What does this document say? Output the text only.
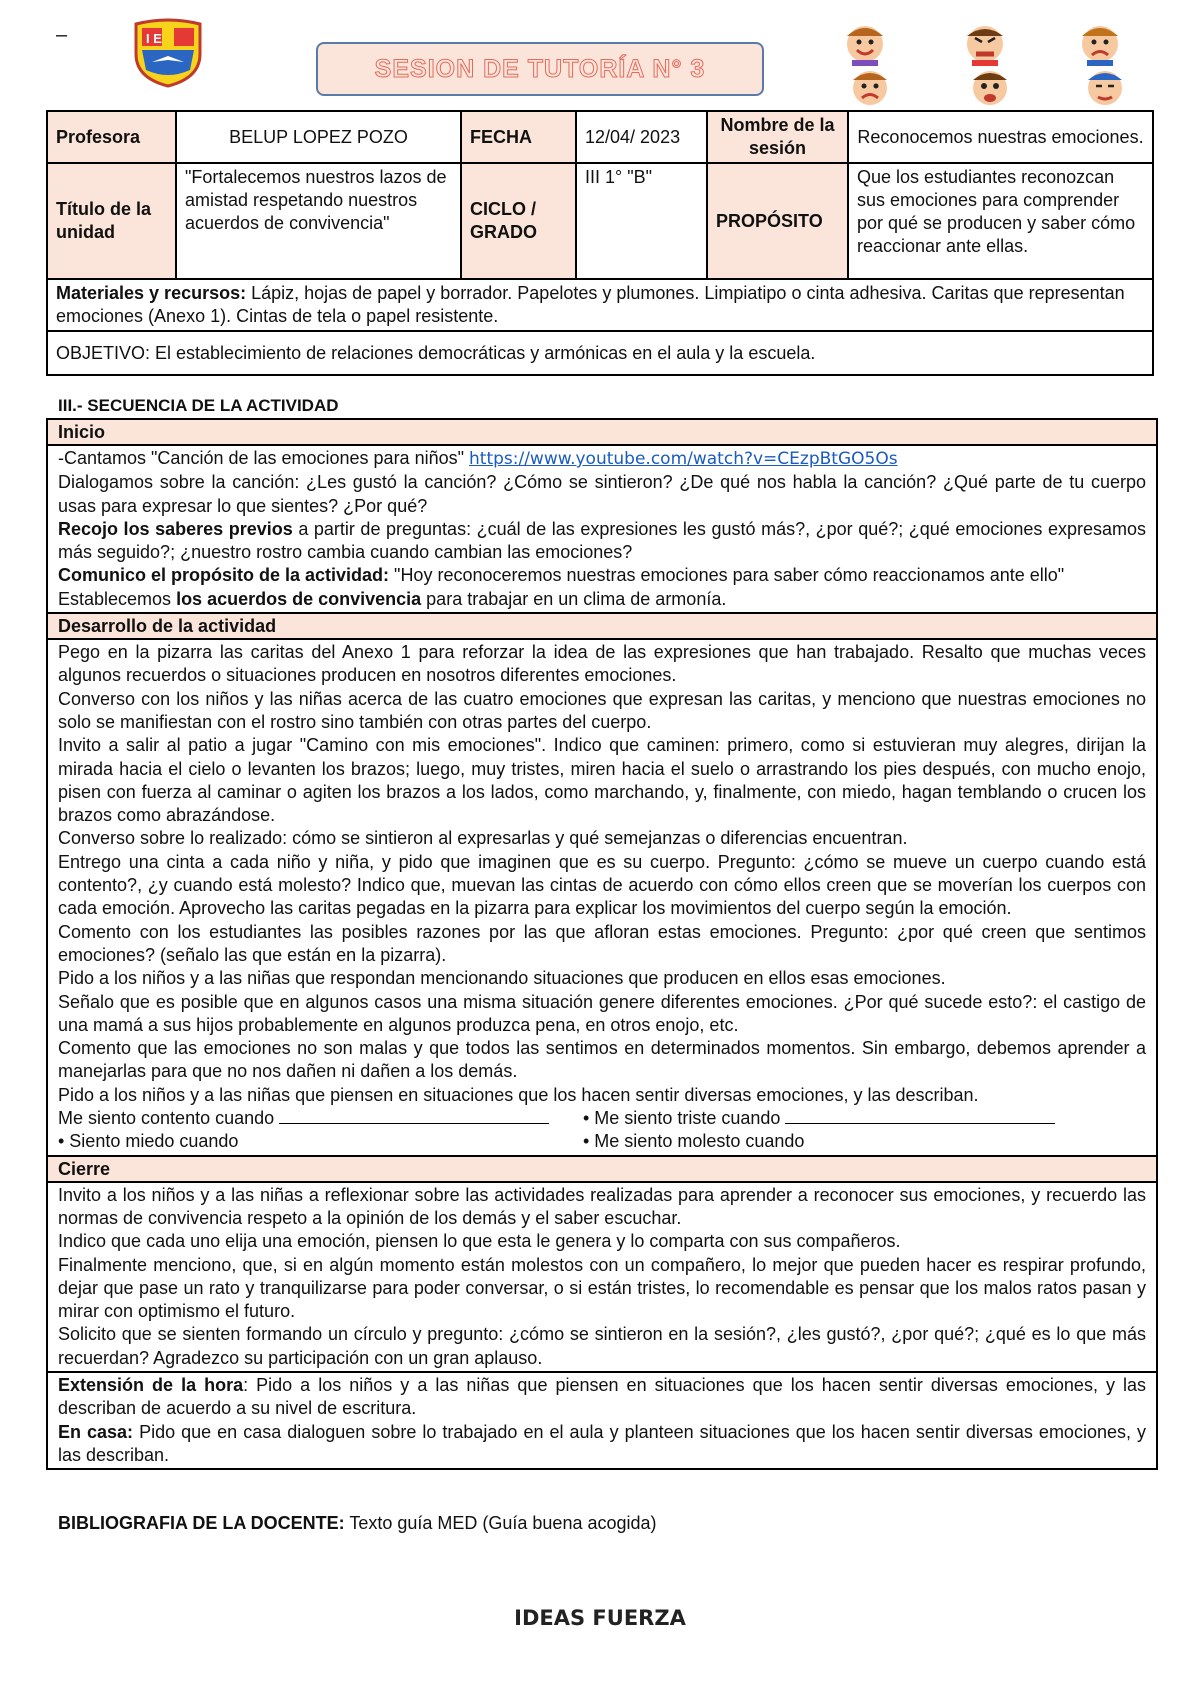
–	I E
SESION DE TUTORÍA N° 3
Profesora	BELUP LOPEZ POZO	FECHA	12/04/ 2023	Nombre de la sesión	Reconocemos nuestras emociones.
Título de la unidad	"Fortalecemos nuestros lazos de amistad respetando nuestros acuerdos de convivencia"	CICLO / GRADO	III 1° "B"	PROPÓSITO	Que los estudiantes reconozcan sus emociones para comprender por qué se producen y saber cómo reaccionar ante ellas.
Materiales y recursos: Lápiz, hojas de papel y borrador. Papelotes y plumones. Limpiatipo o cinta adhesiva. Caritas que representan emociones (Anexo 1). Cintas de tela o papel resistente.					
OBJETIVO: El establecimiento de relaciones democráticas y armónicas en el aula y la escuela.					
III.- SECUENCIA DE LA ACTIVIDAD
Inicio

-Cantamos "Canción de las emociones para niños" https://www.youtube.com/watch?v=CEzpBtGO5Os

Dialogamos sobre la canción: ¿Les gustó la canción? ¿Cómo se sintieron? ¿De qué nos habla la canción? ¿Qué parte de tu cuerpo usas para expresar lo que sientes? ¿Por qué?

Recojo los saberes previos a partir de preguntas: ¿cuál de las expresiones les gustó más?, ¿por qué?; ¿qué emociones expresamos más seguido?; ¿nuestro rostro cambia cuando cambian las emociones?

Comunico el propósito de la actividad: "Hoy reconoceremos nuestras emociones para saber cómo reaccionamos ante ello"

Establecemos los acuerdos de convivencia para trabajar en un clima de armonía.

Desarrollo de la actividad

Pego en la pizarra las caritas del Anexo 1 para reforzar la idea de las expresiones que han trabajado. Resalto que muchas veces algunos recuerdos o situaciones producen en nosotros diferentes emociones.

Converso con los niños y las niñas acerca de las cuatro emociones que expresan las caritas, y menciono que nuestras emociones no solo se manifiestan con el rostro sino también con otras partes del cuerpo.

Invito a salir al patio a jugar "Camino con mis emociones". Indico que caminen: primero, como si estuvieran muy alegres, dirijan la mirada hacia el cielo o levanten los brazos; luego, muy tristes, miren hacia el suelo o arrastrando los pies después, con mucho enojo, pisen con fuerza al caminar o agiten los brazos a los lados, como marchando, y, finalmente, con miedo, hagan temblando o crucen los brazos como abrazándose.

Converso sobre lo realizado: cómo se sintieron al expresarlas y qué semejanzas o diferencias encuentran.

Entrego una cinta a cada niño y niña, y pido que imaginen que es su cuerpo. Pregunto: ¿cómo se mueve un cuerpo cuando está contento?, ¿y cuando está molesto? Indico que, muevan las cintas de acuerdo con cómo ellos creen que se moverían los cuerpos con cada emoción. Aprovecho las caritas pegadas en la pizarra para explicar los movimientos del cuerpo según la emoción.

Comento con los estudiantes las posibles razones por las que afloran estas emociones. Pregunto: ¿por qué creen que sentimos emociones? (señalo las que están en la pizarra).

Pido a los niños y a las niñas que respondan mencionando situaciones que producen en ellos esas emociones.

Señalo que es posible que en algunos casos una misma situación genere diferentes emociones. ¿Por qué sucede esto?: el castigo de una mamá a sus hijos probablemente en algunos produzca pena, en otros enojo, etc.

Comento que las emociones no son malas y que todos las sentimos en determinados momentos. Sin embargo, debemos aprender a manejarlas para que no nos dañen ni dañen a los demás.

Pido a los niños y a las niñas que piensen en situaciones que los hacen sentir diversas emociones, y las describan.

Me siento contento cuando	• Me siento triste cuando
• Siento miedo cuando	• Me siento molesto cuando
Cierre

Invito a los niños y a las niñas a reflexionar sobre las actividades realizadas para aprender a reconocer sus emociones, y recuerdo las normas de convivencia respeto a la opinión de los demás y el saber escuchar.

Indico que cada uno elija una emoción, piensen lo que esta le genera y lo comparta con sus compañeros.

Finalmente menciono, que, si en algún momento están molestos con un compañero, lo mejor que pueden hacer es respirar profundo, dejar que pase un rato y tranquilizarse para poder conversar, o si están tristes, lo recomendable es pensar que los malos ratos pasan y mirar con optimismo el futuro.

Solicito que se sienten formando un círculo y pregunto: ¿cómo se sintieron en la sesión?, ¿les gustó?, ¿por qué?; ¿qué es lo que más recuerdan? Agradezco su participación con un gran aplauso.

Extensión de la hora: Pido a los niños y a las niñas que piensen en situaciones que los hacen sentir diversas emociones, y las describan de acuerdo a su nivel de escritura.

En casa: Pido que en casa dialoguen sobre lo trabajado en el aula y planteen situaciones que los hacen sentir diversas emociones, y las describan.

BIBLIOGRAFIA DE LA DOCENTE: Texto guía MED (Guía buena acogida)
IDEAS FUERZA
